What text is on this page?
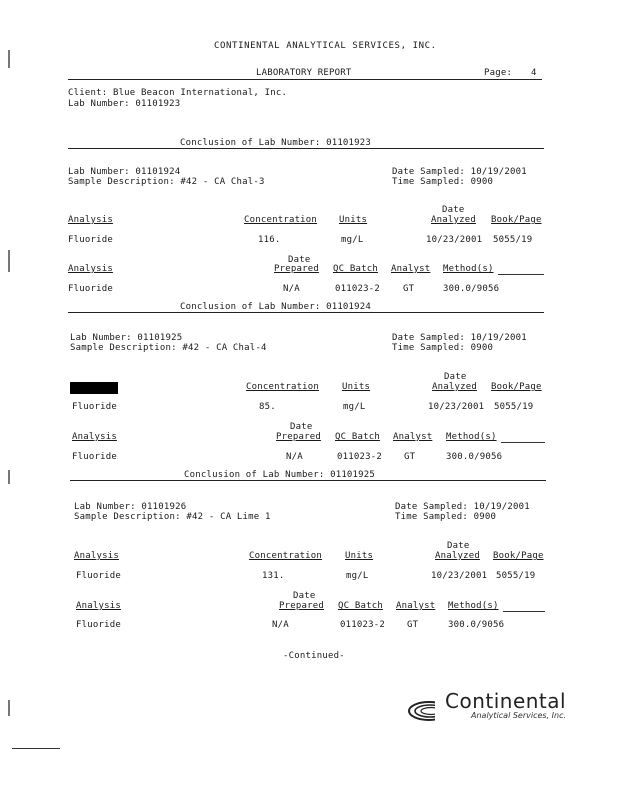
CONTINENTAL ANALYTICAL SERVICES, INC.
LABORATORY REPORT	Page: 4
Client: Blue Beacon International, Inc.
Lab Number: 01101923
Conclusion of Lab Number: 01101923
Lab Number: 01101924
Sample Description: #42 - CA Chal-3
Date Sampled: 10/19/2001
Time Sampled: 0900
Date
Analysis	Concentration Units	Analyzed Book/Page
Fluoride	116.	mg/L	10/23/2001 5055/19
Date
Analysis	Prepared QC Batch Analyst Method(s)
Fluoride	N/A	011023-2	GT	300.0/9056
Conclusion of Lab Number: 01101924
Lab Number: 01101925
Sample Description: #42 - CA Chal-4
Date Sampled: 10/19/2001
Time Sampled: 0900
Date
Concentration	Units	Analyzed Book/Page
Fluoride	85.	mg/L	10/23/2001 5055/19
Date
Analysis	Prepared QC Batch Analyst Method(s)
Fluoride	N/A	011023-2 GT	300.0/9056
Conclusion of Lab Number: 01101925
Lab Number: 01101926
Sample Description: #42 - CA Lime 1
Date Sampled: 10/19/2001
Time Sampled: 0900
Date
Analysis	Concentration	Units	Analyzed Book/Page
Fluoride	131.	mg/L	10/23/2001 5055/19
Date
Analysis	Prepared QC Batch Analyst Method(s)
Fluoride	N/A	011023-2 GT	300.0/9056
-Continued-
Continental
Analytical Services, Inc.
